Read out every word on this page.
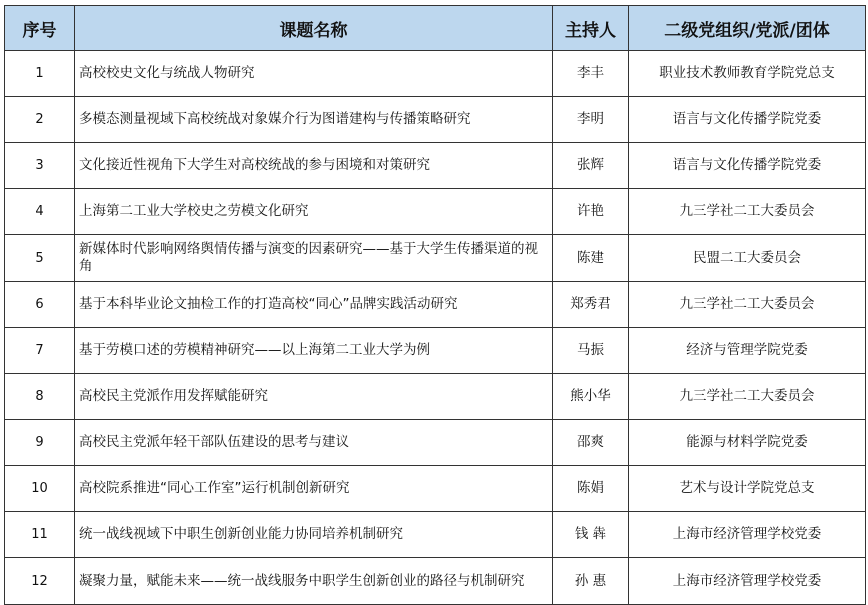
序号	课题名称	主持人	二级党组织/党派/团体
1	高校校史文化与统战人物研究	李丰	职业技术教师教育学院党总支
2	多模态测量视域下高校统战对象媒介行为图谱建构与传播策略研究	李明	语言与文化传播学院党委
3	文化接近性视角下大学生对高校统战的参与困境和对策研究	张辉	语言与文化传播学院党委
4	上海第二工业大学校史之劳模文化研究	许艳	九三学社二工大委员会
5	新媒体时代影响网络舆情传播与演变的因素研究——基于大学生传播渠道的视角	陈建	民盟二工大委员会
6	基于本科毕业论文抽检工作的打造高校“同心”品牌实践活动研究	郑秀君	九三学社二工大委员会
7	基于劳模口述的劳模精神研究——以上海第二工业大学为例	马振	经济与管理学院党委
8	高校民主党派作用发挥赋能研究	熊小华	九三学社二工大委员会
9	高校民主党派年轻干部队伍建设的思考与建议	邵爽	能源与材料学院党委
10	高校院系推进“同心工作室”运行机制创新研究	陈娟	艺术与设计学院党总支
11	统一战线视域下中职生创新创业能力协同培养机制研究	钱 犇	上海市经济管理学校党委
12	凝聚力量，赋能未来——统一战线服务中职学生创新创业的路径与机制研究	孙 惠	上海市经济管理学校党委
